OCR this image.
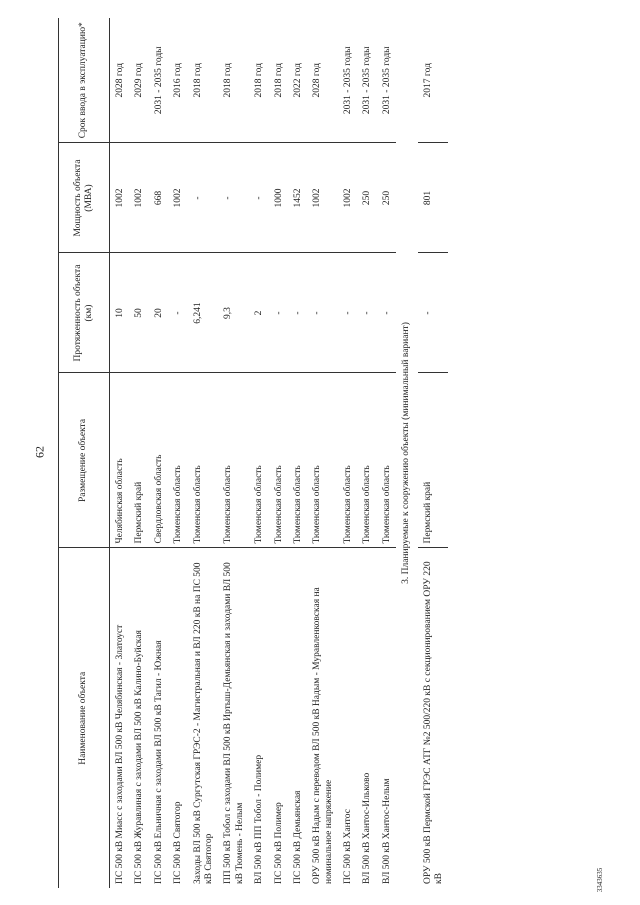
62
3343635
Наименование объекта	Размещение объекта	Протяженность объекта (км)	Мощность объекта (МВА)	Срок ввода в эксплуатацию*
ПС 500 кВ Миасс с заходами ВЛ 500 кВ Челябинская - Златоуст	Челябинская область	10	1002	2028 год
ПС 500 кВ Журавлиная с заходами ВЛ 500 кВ Калино-Буйская	Пермский край	50	1002	2029 год
ПС 500 кВ Ельничная с заходами ВЛ 500 кВ Тагил - Южная	Свердловская область	20	668	2031 - 2035 годы
ПС 500 кВ Святогор	Тюменская область	-	1002	2016 год
Заходы ВЛ 500 кВ Сургутская ГРЭС-2 - Магистральная и ВЛ 220 кВ на ПС 500 кВ Святогор	Тюменская область	6,241	-	2018 год
ПП 500 кВ Тобол с заходами ВЛ 500 кВ Иртыш-Демьянская и заходами ВЛ 500 кВ Тюмень - Нелым	Тюменская область	9,3	-	2018 год
ВЛ 500 кВ ПП Тобол - Полимер	Тюменская область	2	-	2018 год
ПС 500 кВ Полимер	Тюменская область	-	1000	2018 год
ПС 500 кВ Демьянская	Тюменская область	-	1452	2022 год
ОРУ 500 кВ Надым с переводом ВЛ 500 кВ Надым - Муравленковская на номинальное напряжение	Тюменская область	-	1002	2028 год
ПС 500 кВ Хантос	Тюменская область	-	1002	2031 - 2035 годы
ВЛ 500 кВ Хантос-Ильково	Тюменская область	-	250	2031 - 2035 годы
ВЛ 500 кВ Хантос-Нелым	Тюменская область	-	250	2031 - 2035 годы
3. Планируемые к сооружению объекты (минимальный вариант)				
ОРУ 500 кВ Пермской ГРЭС АТГ №2 500/220 кВ с секционированием ОРУ 220 кВ	Пермский край	-	801	2017 год
